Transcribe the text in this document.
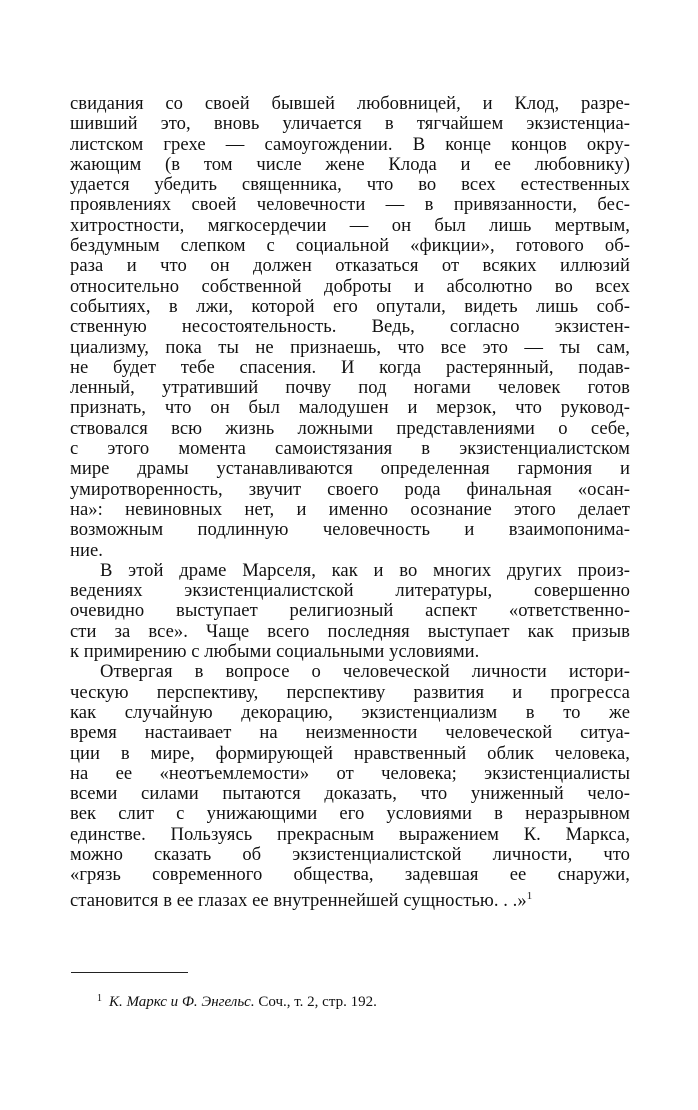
свидания со своей бывшей любовницей, и Клод, разре-
шивший это, вновь уличается в тягчайшем экзистенциа-
листском грехе — самоугождении. В конце концов окру-
жающим (в том числе жене Клода и ее любовнику)
удается убедить священника, что во всех естественных
проявлениях своей человечности — в привязанности, бес-
хитростности, мягкосердечии — он был лишь мертвым,
бездумным слепком с социальной «фикции», готового об-
раза и что он должен отказаться от всяких иллюзий
относительно собственной доброты и абсолютно во всех
событиях, в лжи, которой его опутали, видеть лишь соб-
ственную несостоятельность. Ведь, согласно экзистен-
циализму, пока ты не признаешь, что все это — ты сам,
не будет тебе спасения. И когда растерянный, подав-
ленный, утративший почву под ногами человек готов
признать, что он был малодушен и мерзок, что руковод-
ствовался всю жизнь ложными представлениями о себе,
с этого момента самоистязания в экзистенциалистском
мире драмы устанавливаются определенная гармония и
умиротворенность, звучит своего рода финальная «осан-
на»: невиновных нет, и именно осознание этого делает
возможным подлинную человечность и взаимопонима-
ние.
В этой драме Марселя, как и во многих других произ-
ведениях экзистенциалистской литературы, совершенно
очевидно выступает религиозный аспект «ответственно-
сти за все». Чаще всего последняя выступает как призыв
к примирению с любыми социальными условиями.
Отвергая в вопросе о человеческой личности истори-
ческую перспективу, перспективу развития и прогресса
как случайную декорацию, экзистенциализм в то же
время настаивает на неизменности человеческой ситуа-
ции в мире, формирующей нравственный облик человека,
на ее «неотъемлемости» от человека; экзистенциалисты
всеми силами пытаются доказать, что униженный чело-
век слит с унижающими его условиями в неразрывном
единстве. Пользуясь прекрасным выражением К. Маркса,
можно сказать об экзистенциалистской личности, что
«грязь современного общества, задевшая ее снаружи,
становится в ее глазах ее внутреннейшей сущностью. . .»$^1$
$^1$ К. Маркс и Ф. Энгельс. Соч., т. 2, стр. 192.
